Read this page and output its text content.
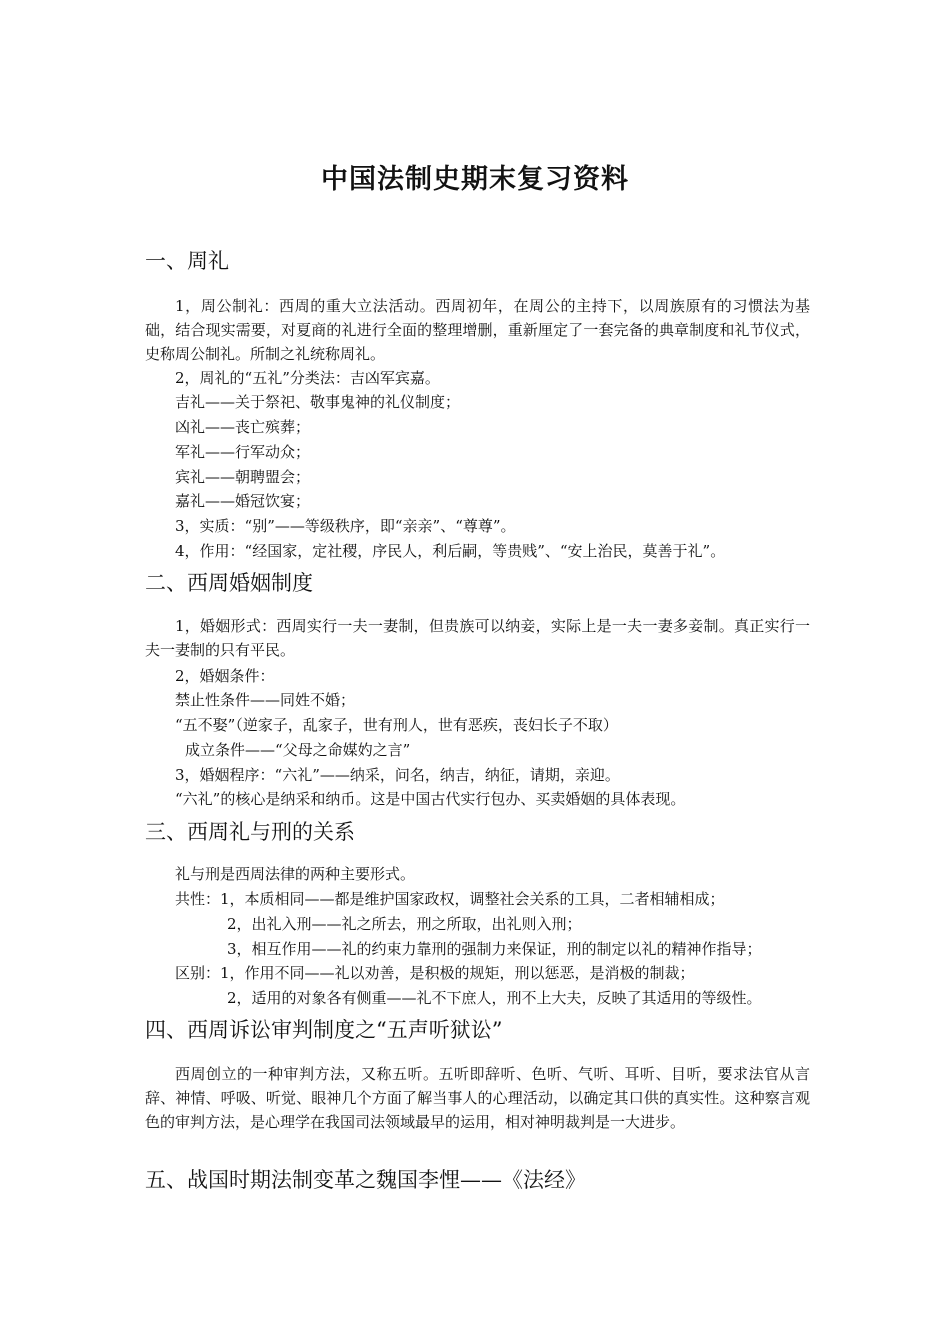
中国法制史期末复习资料
一、周礼

1，周公制礼：西周的重大立法活动。西周初年，在周公的主持下，以周族原有的习惯法为基础，结合现实需要，对夏商的礼进行全面的整理增删，重新厘定了一套完备的典章制度和礼节仪式，史称周公制礼。所制之礼统称周礼。

2，周礼的“五礼”分类法：吉凶军宾嘉。

吉礼——关于祭祀、敬事鬼神的礼仪制度；

凶礼——丧亡殡葬；

军礼——行军动众；

宾礼——朝聘盟会；

嘉礼——婚冠饮宴；

3，实质：“别”——等级秩序，即“亲亲”、“尊尊”。

4，作用：“经国家，定社稷，序民人，利后嗣，等贵贱”、“安上治民，莫善于礼”。

二、西周婚姻制度

1，婚姻形式：西周实行一夫一妻制，但贵族可以纳妾，实际上是一夫一妻多妾制。真正实行一夫一妻制的只有平民。

2，婚姻条件：

禁止性条件——同姓不婚；

“五不娶”（逆家子，乱家子，世有刑人，世有恶疾，丧妇长子不取）

成立条件——“父母之命媒妁之言”

3，婚姻程序：“六礼”——纳采，问名，纳吉，纳征，请期，亲迎。

“六礼”的核心是纳采和纳币。这是中国古代实行包办、买卖婚姻的具体表现。

三、西周礼与刑的关系

礼与刑是西周法律的两种主要形式。

共性：1，本质相同——都是维护国家政权，调整社会关系的工具，二者相辅相成；

2，出礼入刑——礼之所去，刑之所取，出礼则入刑；

3，相互作用——礼的约束力靠刑的强制力来保证，刑的制定以礼的精神作指导；

区别：1，作用不同——礼以劝善，是积极的规矩，刑以惩恶，是消极的制裁；

2，适用的对象各有侧重——礼不下庶人，刑不上大夫，反映了其适用的等级性。

四、西周诉讼审判制度之“五声听狱讼”

西周创立的一种审判方法，又称五听。五听即辞听、色听、气听、耳听、目听，要求法官从言辞、神情、呼吸、听觉、眼神几个方面了解当事人的心理活动，以确定其口供的真实性。这种察言观色的审判方法，是心理学在我国司法领域最早的运用，相对神明裁判是一大进步。

五、战国时期法制变革之魏国李悝——《法经》
